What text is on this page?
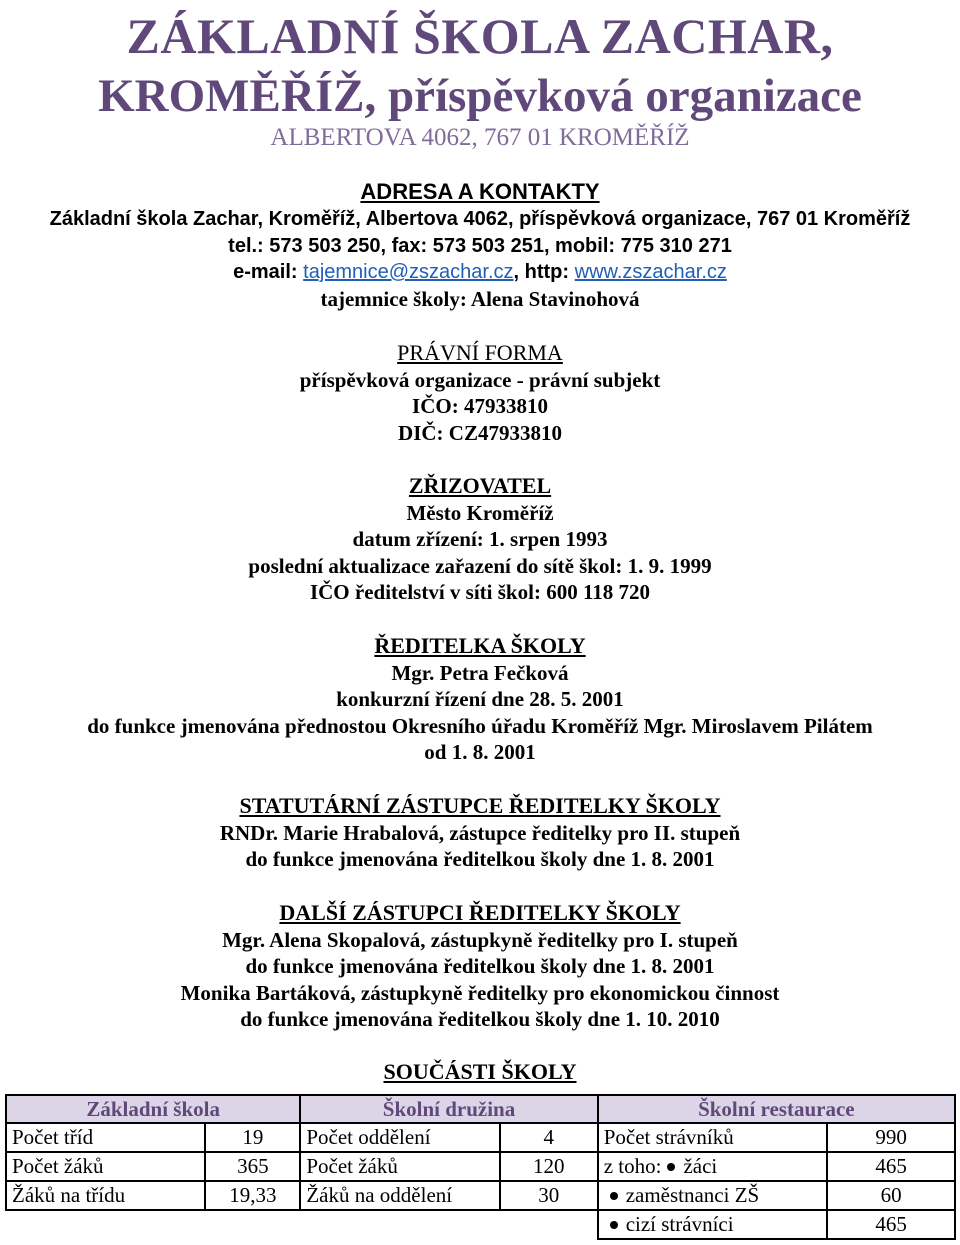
ZÁKLADNÍ ŠKOLA ZACHAR,
KROMĚŘÍŽ, příspěvková organizace
ALBERTOVA 4062, 767 01 KROMĚŘÍŽ
ADRESA A KONTAKTY
Základní škola Zachar, Kroměříž, Albertova 4062, příspěvková organizace, 767 01 Kroměříž
tel.: 573 503 250, fax: 573 503 251, mobil: 775 310 271
e-mail: tajemnice@zszachar.cz, http: www.zszachar.cz
tajemnice školy: Alena Stavinohová
PRÁVNÍ FORMA
příspěvková organizace - právní subjekt
IČO: 47933810
DIČ: CZ47933810
ZŘIZOVATEL
Město Kroměříž
datum zřízení: 1. srpen 1993
poslední aktualizace zařazení do sítě škol: 1. 9. 1999
IČO ředitelství v síti škol: 600 118 720
ŘEDITELKA ŠKOLY
Mgr. Petra Fečková
konkurzní řízení dne 28. 5. 2001
do funkce jmenována přednostou Okresního úřadu Kroměříž Mgr. Miroslavem Pilátem
od 1. 8. 2001
STATUTÁRNÍ ZÁSTUPCE ŘEDITELKY ŠKOLY
RNDr. Marie Hrabalová, zástupce ředitelky pro II. stupeň
do funkce jmenována ředitelkou školy dne 1. 8. 2001
DALŠÍ ZÁSTUPCI ŘEDITELKY ŠKOLY
Mgr. Alena Skopalová, zástupkyně ředitelky pro I. stupeň
do funkce jmenována ředitelkou školy dne 1. 8. 2001
Monika Bartáková, zástupkyně ředitelky pro ekonomickou činnost
do funkce jmenována ředitelkou školy dne 1. 10. 2010
SOUČÁSTI ŠKOLY
Základní škola		Školní družina		Školní restaurace	
Počet tříd	19	Počet oddělení	4	Počet strávníků	990
Počet žáků	365	Počet žáků	120	z toho: žáci	465
Žáků na třídu	19,33	Žáků na oddělení	30	zaměstnanci ZŠ	60
				cizí strávníci	465
